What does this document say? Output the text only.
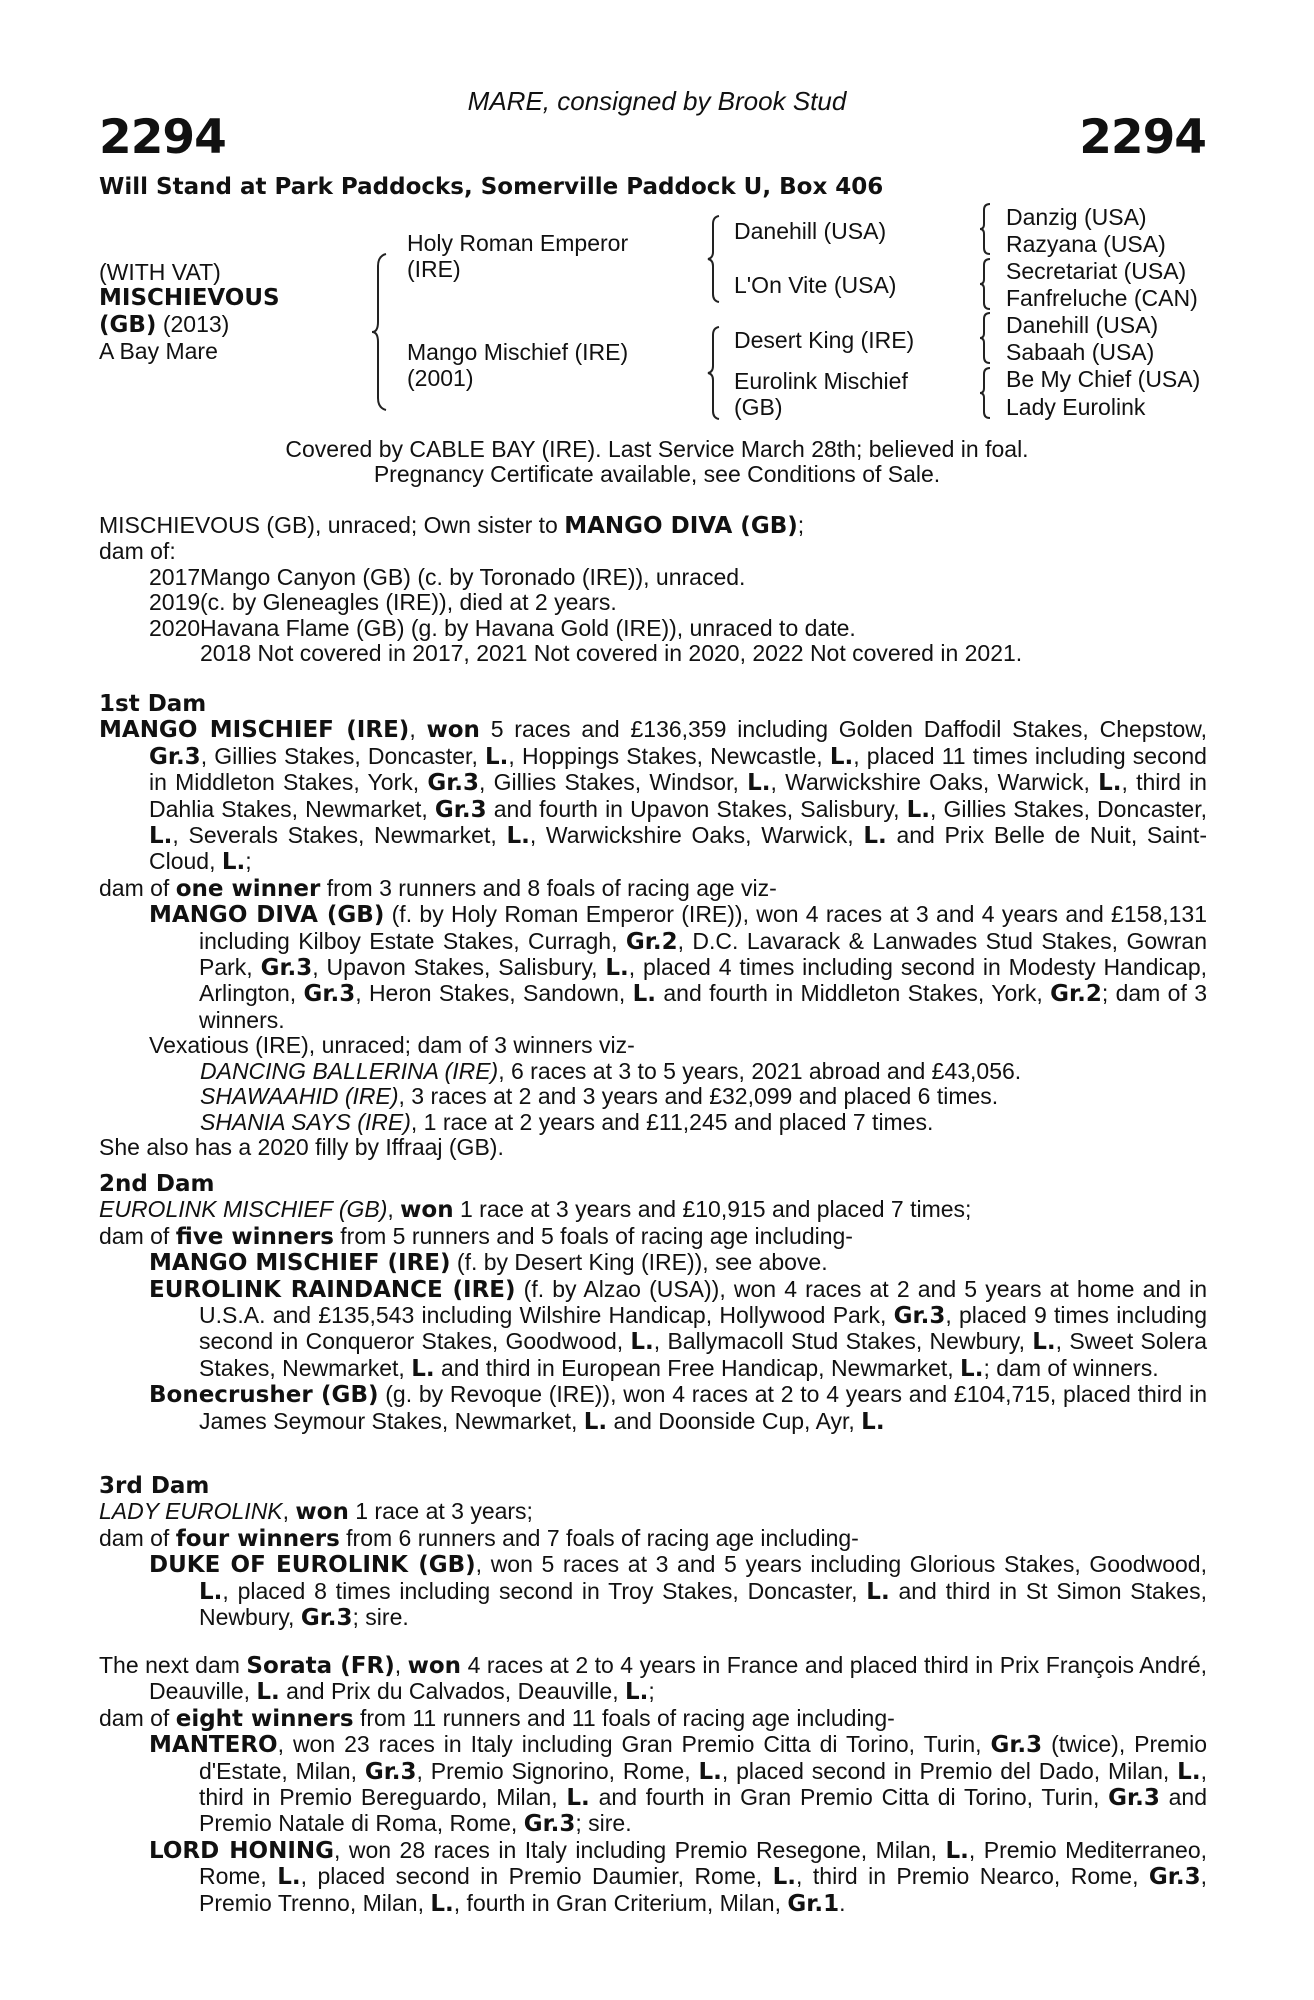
MARE, consigned by Brook Stud
2294	2294
Will Stand at Park Paddocks, Somerville Paddock U, Box 406
(WITH VAT)
MISCHIEVOUS
(GB) (2013)
A Bay Mare
Holy Roman Emperor
(IRE)
Mango Mischief (IRE)
(2001)
Danehill (USA)
L'On Vite (USA)
Desert King (IRE)
Eurolink Mischief
(GB)
Danzig (USA)
Razyana (USA)
Secretariat (USA)
Fanfreluche (CAN)
Danehill (USA)
Sabaah (USA)
Be My Chief (USA)
Lady Eurolink
Covered by CABLE BAY (IRE). Last Service March 28th; believed in foal.
Pregnancy Certificate available, see Conditions of Sale.

MISCHIEVOUS (GB), unraced; Own sister to MANGO DIVA (GB);

dam of:

2017Mango Canyon (GB) (c. by Toronado (IRE)), unraced.

2019(c. by Gleneagles (IRE)), died at 2 years.

2020Havana Flame (GB) (g. by Havana Gold (IRE)), unraced to date.

2018 Not covered in 2017, 2021 Not covered in 2020, 2022 Not covered in 2021.

1st Dam

MANGO MISCHIEF (IRE), won 5 races and £136,359 including Golden Daffodil Stakes, Chepstow, Gr.3, Gillies Stakes, Doncaster, L., Hoppings Stakes, Newcastle, L., placed 11 times including second in Middleton Stakes, York, Gr.3, Gillies Stakes, Windsor, L., Warwickshire Oaks, Warwick, L., third in Dahlia Stakes, Newmarket, Gr.3 and fourth in Upavon Stakes, Salisbury, L., Gillies Stakes, Doncaster, L., Severals Stakes, Newmarket, L., Warwickshire Oaks, Warwick, L. and Prix Belle de Nuit, Saint-Cloud, L.;

dam of one winner from 3 runners and 8 foals of racing age viz-

MANGO DIVA (GB) (f. by Holy Roman Emperor (IRE)), won 4 races at 3 and 4 years and £158,131 including Kilboy Estate Stakes, Curragh, Gr.2, D.C. Lavarack & Lanwades Stud Stakes, Gowran Park, Gr.3, Upavon Stakes, Salisbury, L., placed 4 times including second in Modesty Handicap, Arlington, Gr.3, Heron Stakes, Sandown, L. and fourth in Middleton Stakes, York, Gr.2; dam of 3 winners.

Vexatious (IRE), unraced; dam of 3 winners viz-

DANCING BALLERINA (IRE), 6 races at 3 to 5 years, 2021 abroad and £43,056.

SHAWAAHID (IRE), 3 races at 2 and 3 years and £32,099 and placed 6 times.

SHANIA SAYS (IRE), 1 race at 2 years and £11,245 and placed 7 times.

She also has a 2020 filly by Iffraaj (GB).

2nd Dam

EUROLINK MISCHIEF (GB), won 1 race at 3 years and £10,915 and placed 7 times;

dam of five winners from 5 runners and 5 foals of racing age including-

MANGO MISCHIEF (IRE) (f. by Desert King (IRE)), see above.

EUROLINK RAINDANCE (IRE) (f. by Alzao (USA)), won 4 races at 2 and 5 years at home and in U.S.A. and £135,543 including Wilshire Handicap, Hollywood Park, Gr.3, placed 9 times including second in Conqueror Stakes, Goodwood, L., Ballymacoll Stud Stakes, Newbury, L., Sweet Solera Stakes, Newmarket, L. and third in European Free Handicap, Newmarket, L.; dam of winners.

Bonecrusher (GB) (g. by Revoque (IRE)), won 4 races at 2 to 4 years and £104,715, placed third in James Seymour Stakes, Newmarket, L. and Doonside Cup, Ayr, L.

3rd Dam

LADY EUROLINK, won 1 race at 3 years;

dam of four winners from 6 runners and 7 foals of racing age including-

DUKE OF EUROLINK (GB), won 5 races at 3 and 5 years including Glorious Stakes, Goodwood, L., placed 8 times including second in Troy Stakes, Doncaster, L. and third in St Simon Stakes, Newbury, Gr.3; sire.

The next dam Sorata (FR), won 4 races at 2 to 4 years in France and placed third in Prix François André, Deauville, L. and Prix du Calvados, Deauville, L.;

dam of eight winners from 11 runners and 11 foals of racing age including-

MANTERO, won 23 races in Italy including Gran Premio Citta di Torino, Turin, Gr.3 (twice), Premio d'Estate, Milan, Gr.3, Premio Signorino, Rome, L., placed second in Premio del Dado, Milan, L., third in Premio Bereguardo, Milan, L. and fourth in Gran Premio Citta di Torino, Turin, Gr.3 and Premio Natale di Roma, Rome, Gr.3; sire.

LORD HONING, won 28 races in Italy including Premio Resegone, Milan, L., Premio Mediterraneo, Rome, L., placed second in Premio Daumier, Rome, L., third in Premio Nearco, Rome, Gr.3, Premio Trenno, Milan, L., fourth in Gran Criterium, Milan, Gr.1.
